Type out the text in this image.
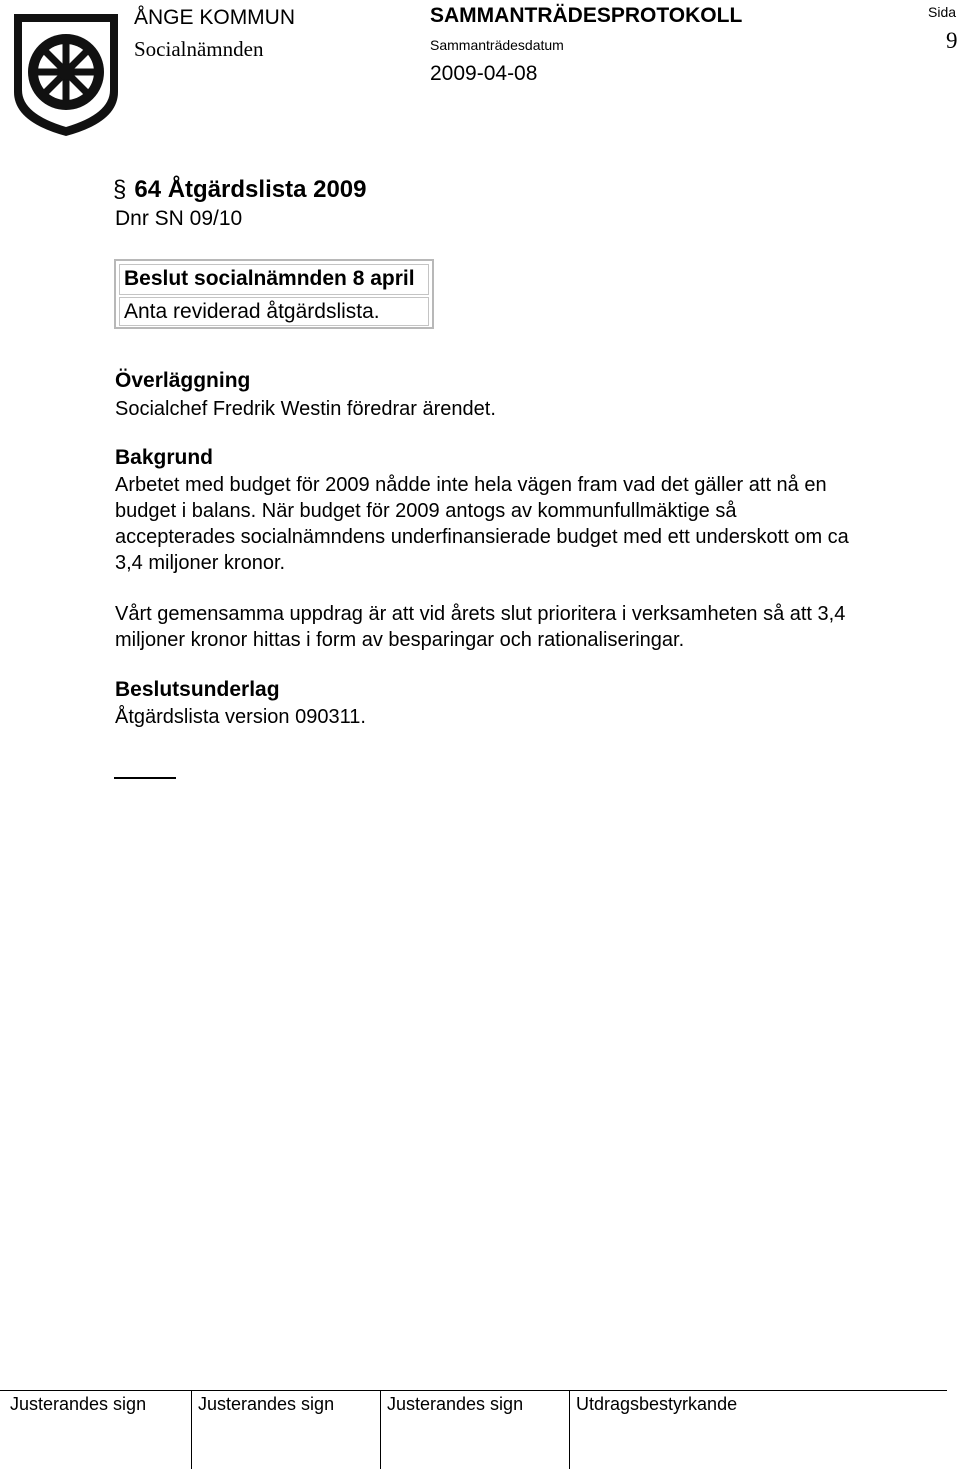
ÅNGE KOMMUN
Socialnämnden
SAMMANTRÄDESPROTOKOLL
Sammanträdesdatum
2009-04-08
Sida
9
§ 64 Åtgärdslista 2009
Dnr SN 09/10
Beslut socialnämnden 8 april
Anta reviderad åtgärdslista.
Överläggning
Socialchef Fredrik Westin föredrar ärendet.
Bakgrund
Arbetet med budget för 2009 nådde inte hela vägen fram vad det gäller att nå en
budget i balans. När budget för 2009 antogs av kommunfullmäktige så
accepterades socialnämndens underfinansierade budget med ett underskott om ca
3,4 miljoner kronor.
Vårt gemensamma uppdrag är att vid årets slut prioritera i verksamheten så att 3,4
miljoner kronor hittas i form av besparingar och rationaliseringar.
Beslutsunderlag
Åtgärdslista version 090311.
Justerandes sign	Justerandes sign	Justerandes sign	Utdragsbestyrkande
